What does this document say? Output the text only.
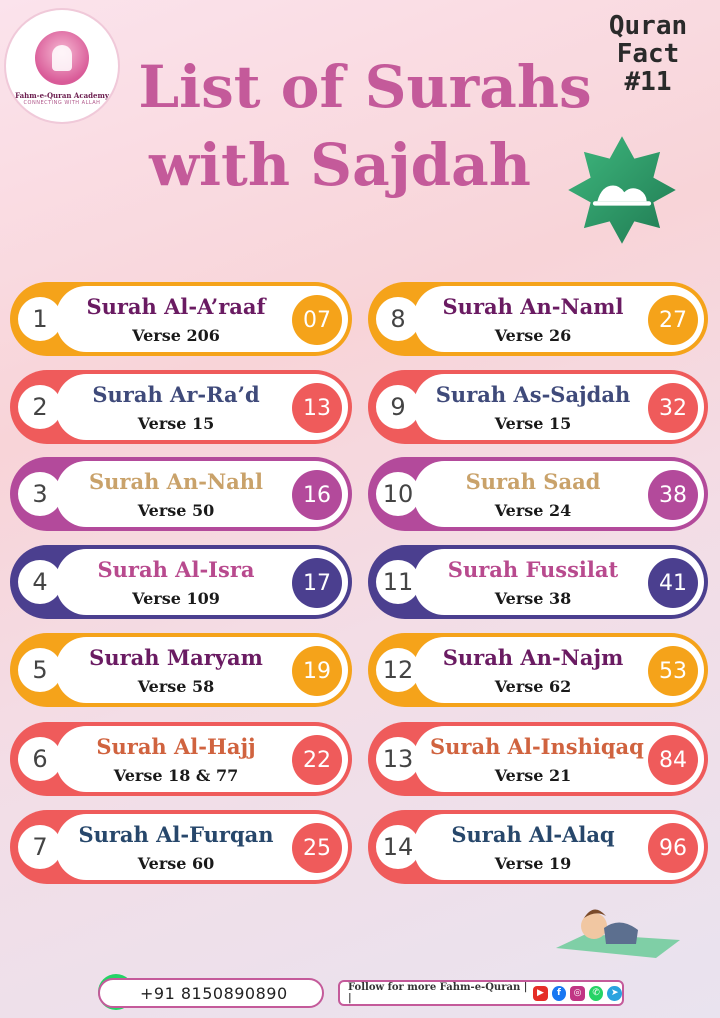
Fahm-e-Quran Academy
CONNECTING WITH ALLAH
Quran
Fact
#11
List of Surahs
with Sajdah
1	Surah Al-A’raaf
Verse 206
07
2	Surah Ar-Ra’d
Verse 15
13
3	Surah An-Nahl
Verse 50
16
4	Surah Al-Isra
Verse 109
17
5	Surah Maryam
Verse 58
19
6	Surah Al-Hajj
Verse 18 & 77
22
7	Surah Al-Furqan
Verse 60
25
8	Surah An-Naml
Verse 26
27
9	Surah As-Sajdah
Verse 15
32
10	Surah Saad
Verse 24
38
11	Surah Fussilat
Verse 38
41
12	Surah An-Najm
Verse 62
53
13 Surah Al-Inshiqaq
Verse 21
84
14	Surah Al-Alaq
Verse 19
96
+91 8150890890	Follow for more Fahm-e-Quran | |
▶	f	◎	✆	➤
